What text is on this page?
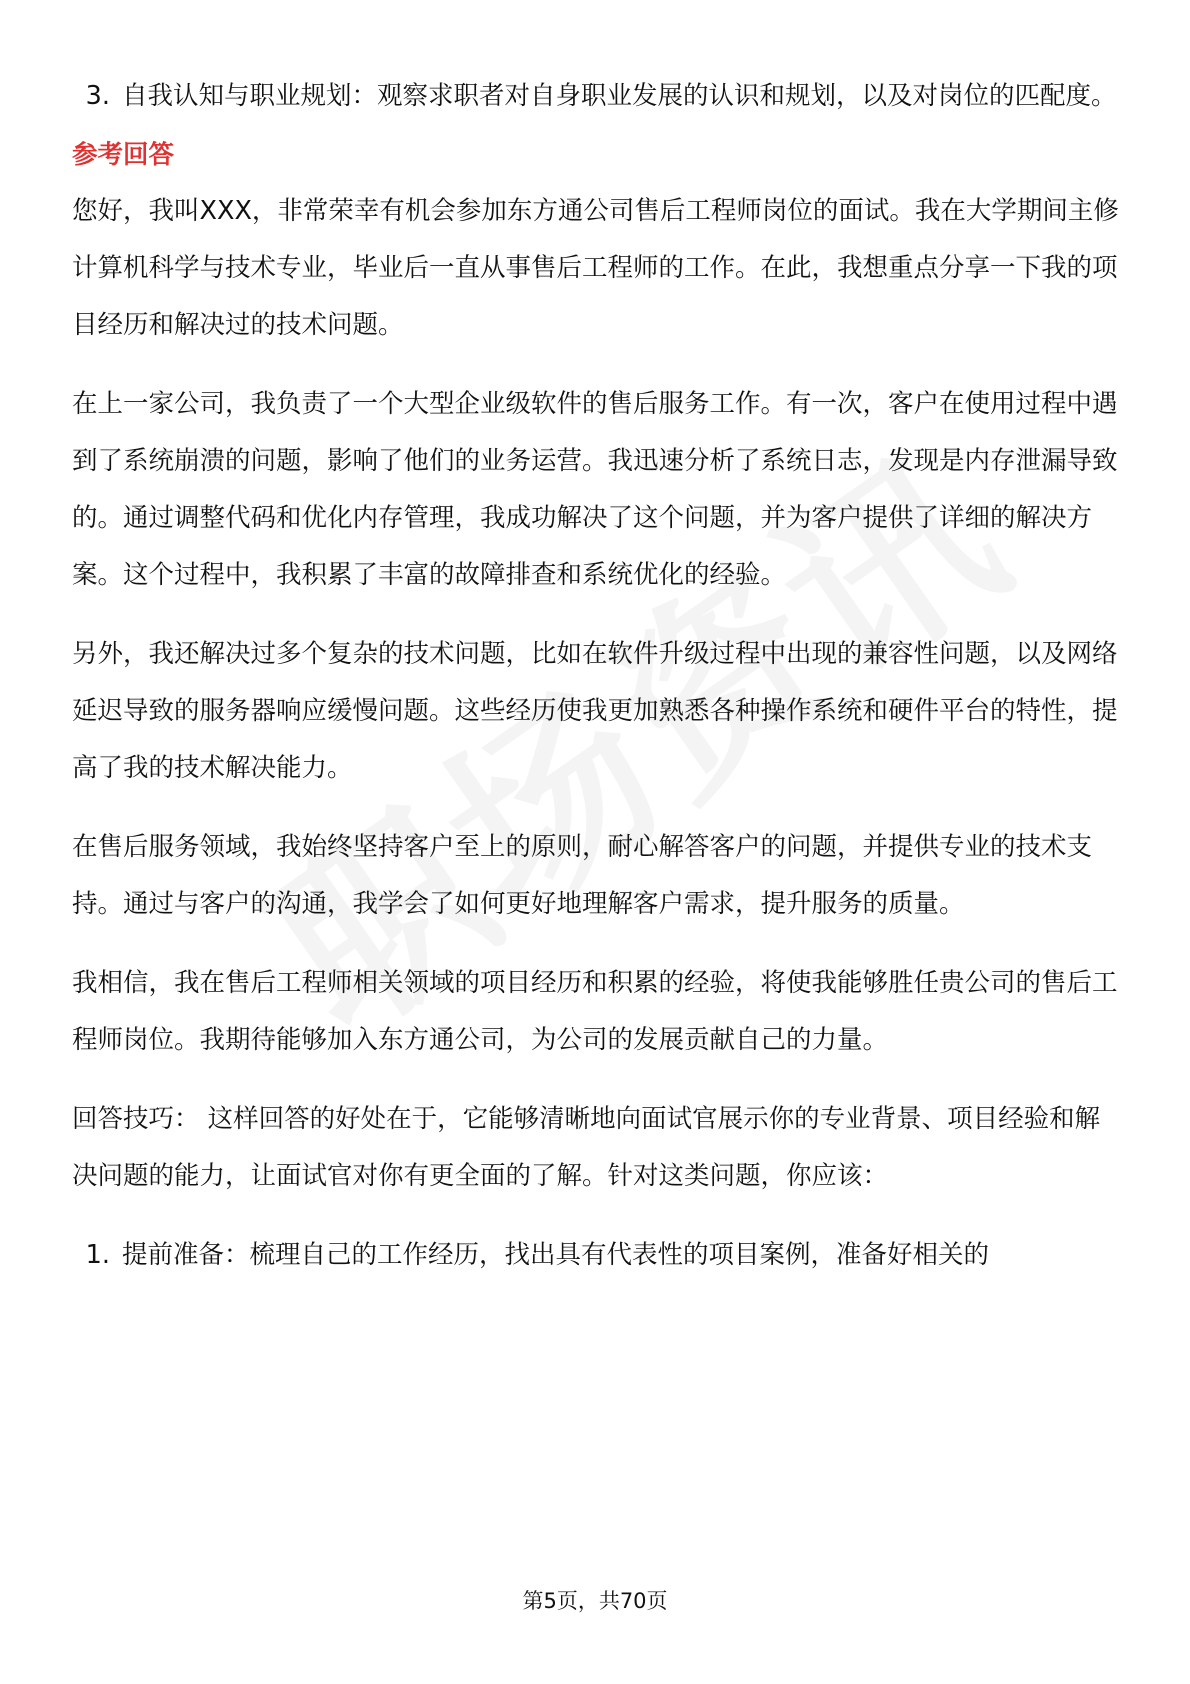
3. 自我认知与职业规划：观察求职者对自身职业发展的认识和规划，以及对岗位的匹配度。
参考回答

您好，我叫XXX，非常荣幸有机会参加东方通公司售后工程师岗位的面试。我在大学期间主修计算机科学与技术专业，毕业后一直从事售后工程师的工作。在此，我想重点分享一下我的项目经历和解决过的技术问题。

在上一家公司，我负责了一个大型企业级软件的售后服务工作。有一次，客户在使用过程中遇到了系统崩溃的问题，影响了他们的业务运营。我迅速分析了系统日志，发现是内存泄漏导致的。通过调整代码和优化内存管理，我成功解决了这个问题，并为客户提供了详细的解决方案。这个过程中，我积累了丰富的故障排查和系统优化的经验。

另外，我还解决过多个复杂的技术问题，比如在软件升级过程中出现的兼容性问题，以及网络延迟导致的服务器响应缓慢问题。这些经历使我更加熟悉各种操作系统和硬件平台的特性，提高了我的技术解决能力。

在售后服务领域，我始终坚持客户至上的原则，耐心解答客户的问题，并提供专业的技术支持。通过与客户的沟通，我学会了如何更好地理解客户需求，提升服务的质量。

我相信，我在售后工程师相关领域的项目经历和积累的经验，将使我能够胜任贵公司的售后工程师岗位。我期待能够加入东方通公司，为公司的发展贡献自己的力量。

回答技巧： 这样回答的好处在于，它能够清晰地向面试官展示你的专业背景、项目经验和解决问题的能力，让面试官对你有更全面的了解。针对这类问题，你应该：

1. 提前准备：梳理自己的工作经历，找出具有代表性的项目案例，准备好相关的
第5页，共70页
